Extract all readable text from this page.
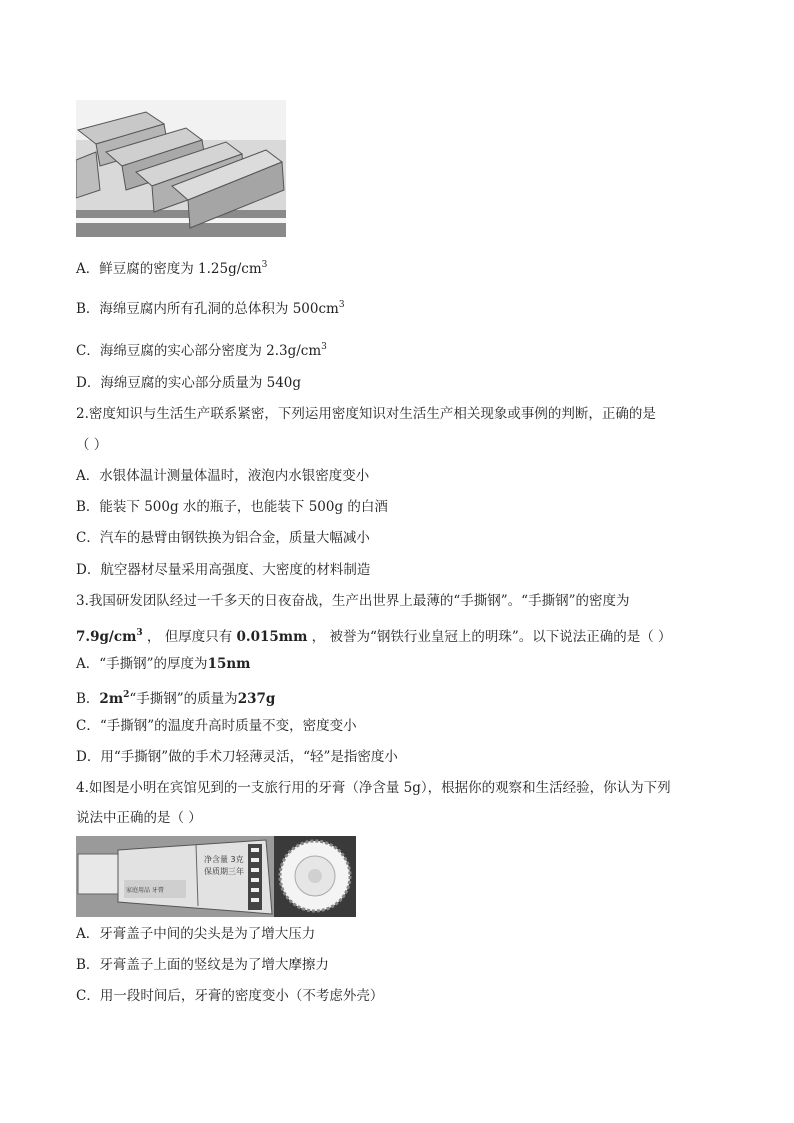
A．鲜豆腐的密度为 $1.25g/cm^3$
B．海绵豆腐内所有孔洞的总体积为 $500cm^3$
C．海绵豆腐的实心部分密度为 $2.3g/cm^3$
D．海绵豆腐的实心部分质量为 540g
2.密度知识与生活生产联系紧密，下列运用密度知识对生活生产相关现象或事例的判断，正确的是
（ ）
A．水银体温计测量体温时，液泡内水银密度变小
B．能装下 500g 水的瓶子，也能装下 500g 的白酒
C．汽车的悬臂由钢铁换为铝合金，质量大幅减小
D．航空器材尽量采用高强度、大密度的材料制造
3.我国研发团队经过一千多天的日夜奋战，生产出世界上最薄的“手撕钢”。“手撕钢”的密度为
$7.9g/cm^3$ ， 但厚度只有 0.015mm ， 被誉为“钢铁行业皇冠上的明珠”。以下说法正确的是（ ）
A．“手撕钢”的厚度为15nm
B．$2m^2“$手撕钢”的质量为237g
C．“手撕钢”的温度升高时质量不变，密度变小
D．用“手撕钢”做的手术刀轻薄灵活，“轻”是指密度小
4.如图是小明在宾馆见到的一支旅行用的牙膏（净含量 5g），根据你的观察和生活经验，你认为下列
说法中正确的是（ ）
净含量 3克
保质期三年
家庭用品 牙膏
A．牙膏盖子中间的尖头是为了增大压力
B．牙膏盖子上面的竖纹是为了增大摩擦力
C．用一段时间后，牙膏的密度变小（不考虑外壳）
